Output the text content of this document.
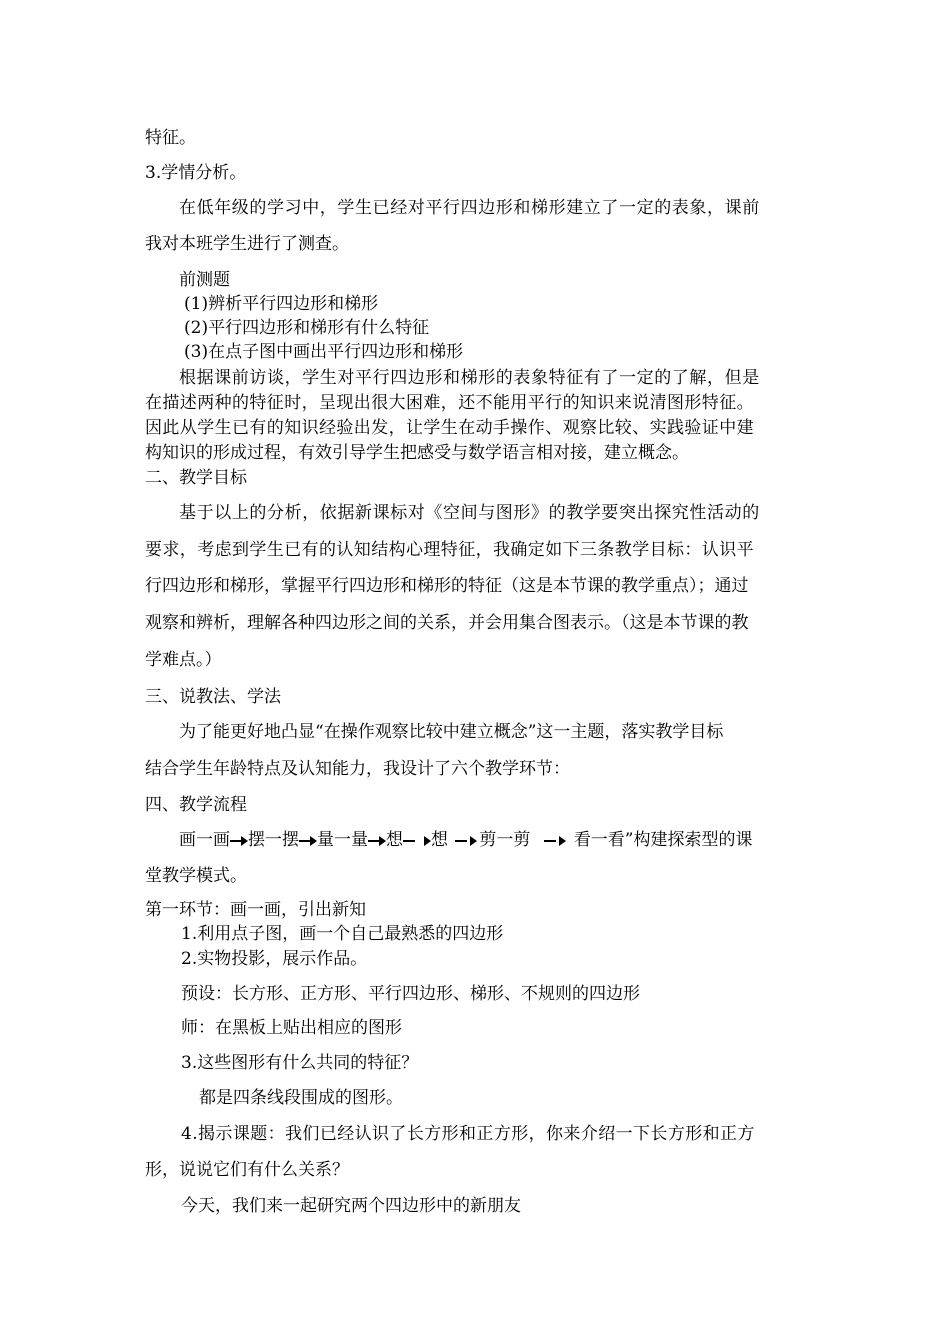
特征。
3.学情分析。
在低年级的学习中，学生已经对平行四边形和梯形建立了一定的表象，课前
我对本班学生进行了测查。
前测题
(1)辨析平行四边形和梯形
(2)平行四边形和梯形有什么特征
(3)在点子图中画出平行四边形和梯形
根据课前访谈，学生对平行四边形和梯形的表象特征有了一定的了解，但是
在描述两种的特征时，呈现出很大困难，还不能用平行的知识来说清图形特征。
因此从学生已有的知识经验出发，让学生在动手操作、观察比较、实践验证中建
构知识的形成过程，有效引导学生把感受与数学语言相对接，建立概念。
二、教学目标
基于以上的分析，依据新课标对《空间与图形》的教学要突出探究性活动的
要求，考虑到学生已有的认知结构心理特征，我确定如下三条教学目标：认识平
行四边形和梯形，掌握平行四边形和梯形的特征（这是本节课的教学重点）；通过
观察和辨析，理解各种四边形之间的关系，并会用集合图表示。（这是本节课的教
学难点。）
三、说教法、学法
为了能更好地凸显“在操作观察比较中建立概念”这一主题，落实教学目标
结合学生年龄特点及认知能力，我设计了六个教学环节：
四、教学流程
画一画 摆一摆 量一量 想 想 剪一剪	看一看”构建探索型的课
堂教学模式。
第一环节：画一画，引出新知
1.利用点子图，画一个自己最熟悉的四边形
2.实物投影，展示作品。
预设：长方形、正方形、平行四边形、梯形、不规则的四边形
师：在黑板上贴出相应的图形
3.这些图形有什么共同的特征？
都是四条线段围成的图形。
4.揭示课题：我们已经认识了长方形和正方形，你来介绍一下长方形和正方
形，说说它们有什么关系？
今天，我们来一起研究两个四边形中的新朋友
